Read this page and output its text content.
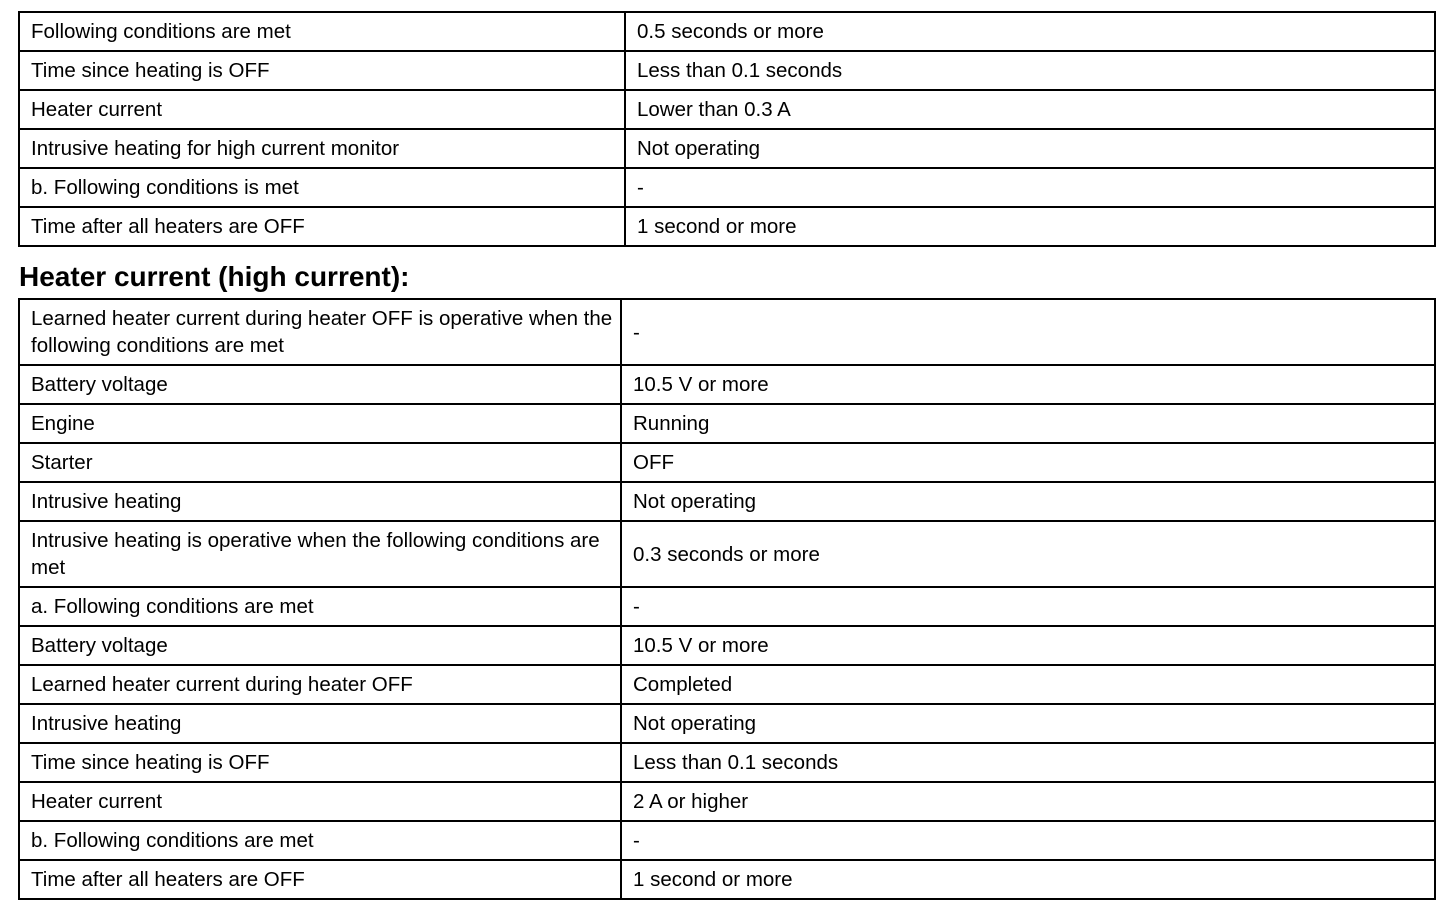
Following conditions are met	0.5 seconds or more
Time since heating is OFF	Less than 0.1 seconds
Heater current	Lower than 0.3 A
Intrusive heating for high current monitor	Not operating
b. Following conditions is met	-
Time after all heaters are OFF	1 second or more
Heater current (high current):
Learned heater current during heater OFF is operative when the following conditions are met	-
Battery voltage	10.5 V or more
Engine	Running
Starter	OFF
Intrusive heating	Not operating
Intrusive heating is operative when the following conditions are met	0.3 seconds or more
a. Following conditions are met	-
Battery voltage	10.5 V or more
Learned heater current during heater OFF	Completed
Intrusive heating	Not operating
Time since heating is OFF	Less than 0.1 seconds
Heater current	2 A or higher
b. Following conditions are met	-
Time after all heaters are OFF	1 second or more
